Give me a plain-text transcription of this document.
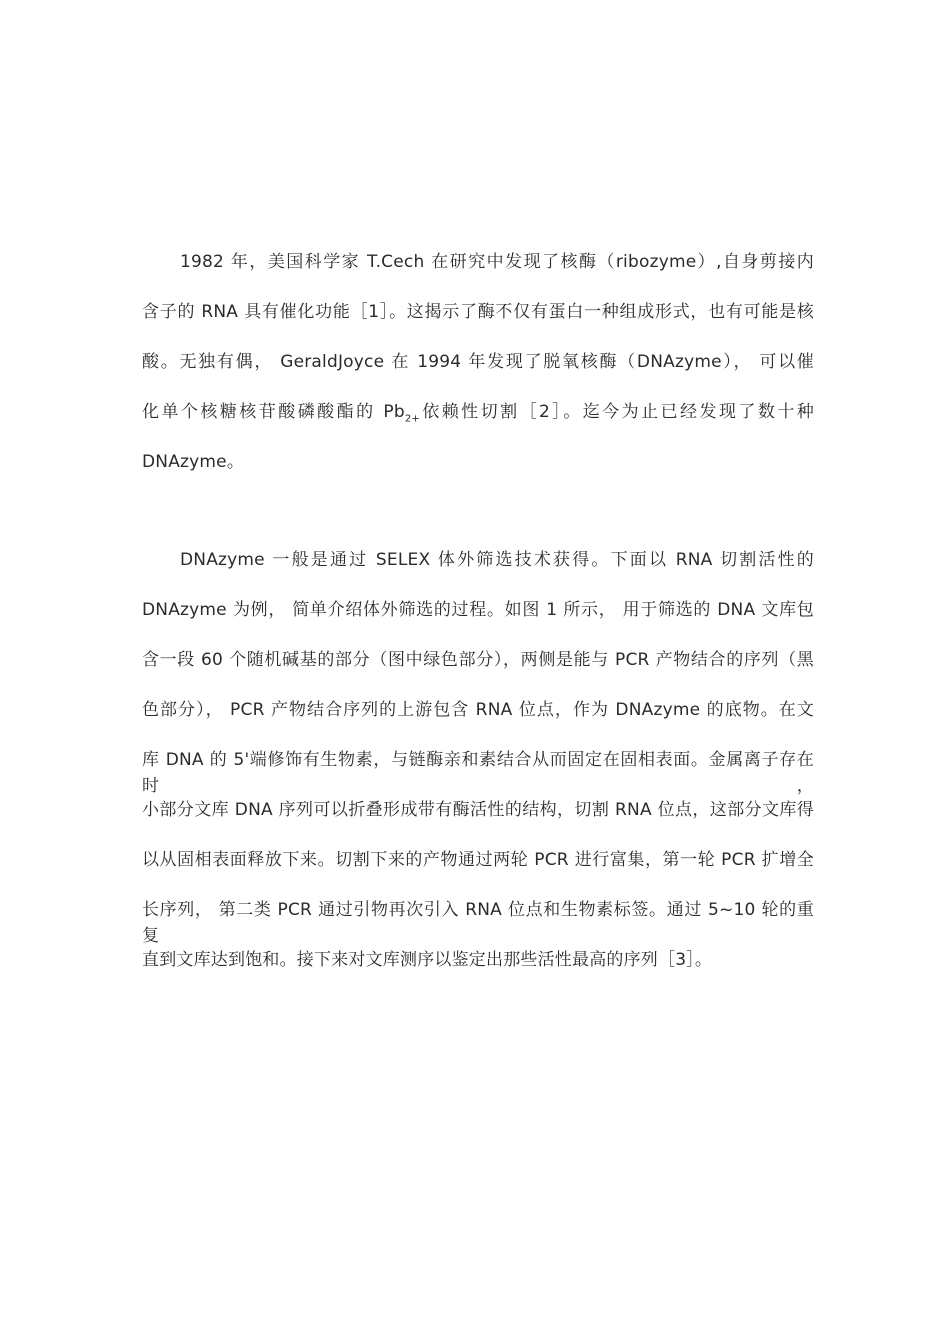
1982 年，美国科学家 T.Cech 在研究中发现了核酶（ribozyme）,自身剪接内
含子的 RNA 具有催化功能［1］。这揭示了酶不仅有蛋白一种组成形式，也有可能是核
酸。无独有偶， GeraldJoyce 在 1994 年发现了脱氧核酶（DNAzyme）， 可以催
化单个核糖核苷酸磷酸酯的 $Pb_{2+}$依赖性切割［2］。迄今为止已经发现了数十种
DNAzyme。
DNAzyme 一般是通过 SELEX 体外筛选技术获得。下面以 RNA 切割活性的
DNAzyme 为例， 简单介绍体外筛选的过程。如图 1 所示， 用于筛选的 DNA 文库包
含一段 60 个随机碱基的部分（图中绿色部分），两侧是能与 PCR 产物结合的序列（黑
色部分）， PCR 产物结合序列的上游包含 RNA 位点，作为 DNAzyme 的底物。在文
库 DNA 的 5'端修饰有生物素，与链酶亲和素结合从而固定在固相表面。金属离子存在时，
小部分文库 DNA 序列可以折叠形成带有酶活性的结构，切割 RNA 位点，这部分文库得
以从固相表面释放下来。切割下来的产物通过两轮 PCR 进行富集，第一轮 PCR 扩增全
长序列， 第二类 PCR 通过引物再次引入 RNA 位点和生物素标签。通过 5~10 轮的重复
直到文库达到饱和。接下来对文库测序以鉴定出那些活性最高的序列［3］。
